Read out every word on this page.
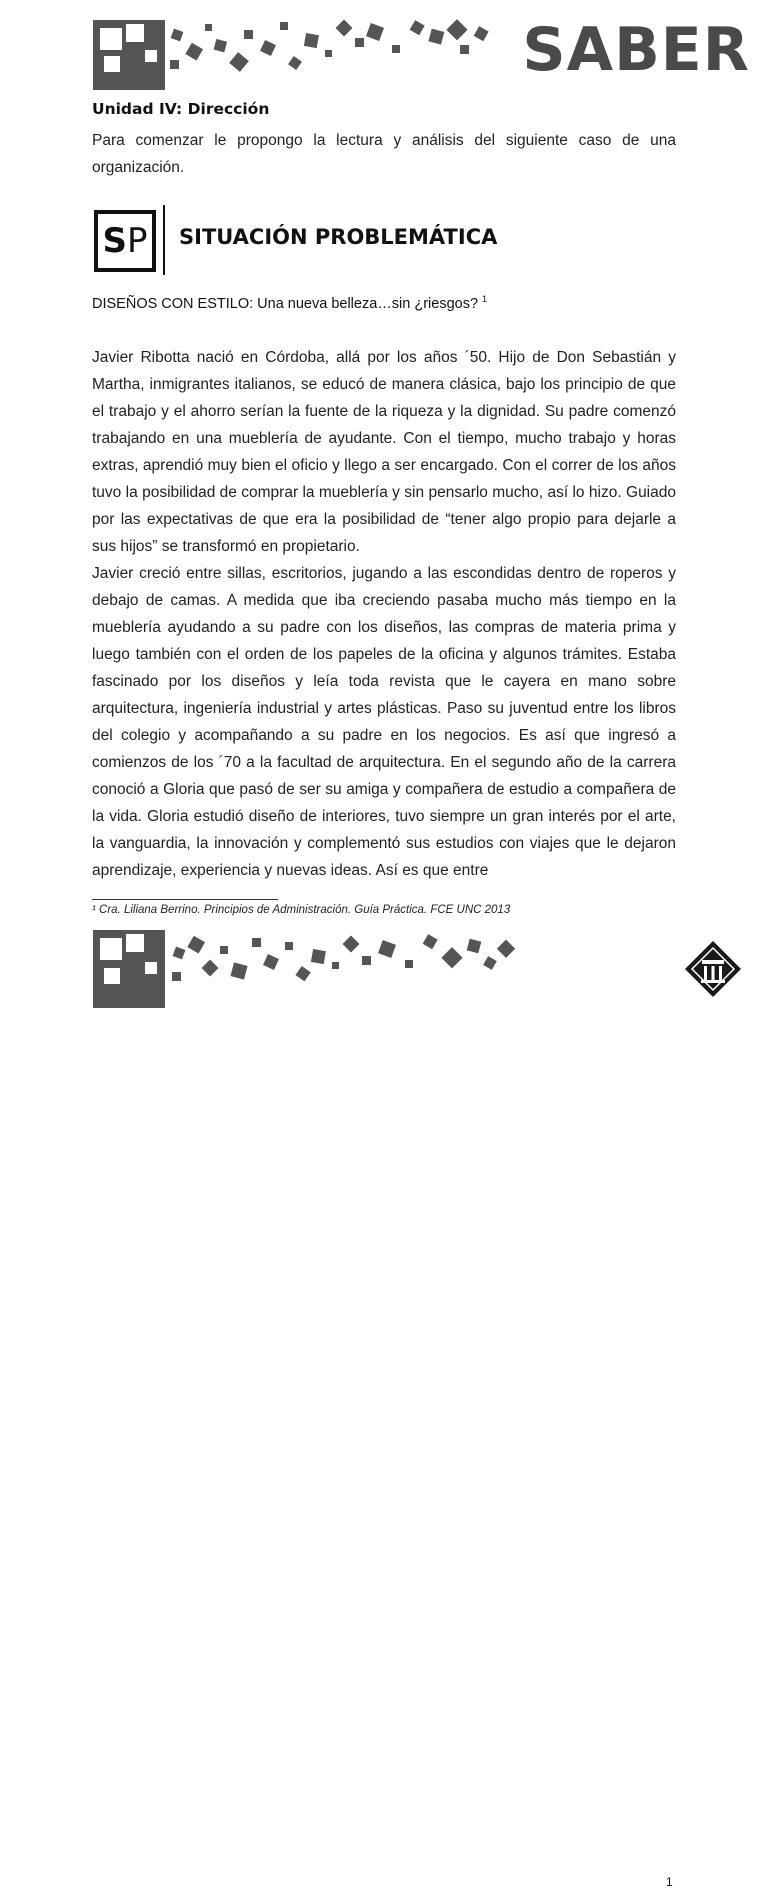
SABER
Unidad IV: Dirección
Para comenzar le propongo la lectura y análisis del siguiente caso de una organización.
SP	SITUACIÓN PROBLEMÁTICA
DISEÑOS CON ESTILO: Una nueva belleza…sin ¿riesgos? $^1$

Javier Ribotta nació en Córdoba, allá por los años ´50. Hijo de Don Sebastián y Martha, inmigrantes italianos, se educó de manera clásica, bajo los principio de que el trabajo y el ahorro serían la fuente de la riqueza y la dignidad. Su padre comenzó trabajando en una mueblería de ayudante. Con el tiempo, mucho trabajo y horas extras, aprendió muy bien el oficio y llego a ser encargado. Con el correr de los años tuvo la posibilidad de comprar la mueblería y sin pensarlo mucho, así lo hizo. Guiado por las expectativas de que era la posibilidad de “tener algo propio para dejarle a sus hijos” se transformó en propietario.

Javier creció entre sillas, escritorios, jugando a las escondidas dentro de roperos y debajo de camas. A medida que iba creciendo pasaba mucho más tiempo en la mueblería ayudando a su padre con los diseños, las compras de materia prima y luego también con el orden de los papeles de la oficina y algunos trámites. Estaba fascinado por los diseños y leía toda revista que le cayera en mano sobre arquitectura, ingeniería industrial y artes plásticas. Paso su juventud entre los libros del colegio y acompañando a su padre en los negocios. Es así que ingresó a comienzos de los ´70 a la facultad de arquitectura. En el segundo año de la carrera conoció a Gloria que pasó de ser su amiga y compañera de estudio a compañera de la vida. Gloria estudió diseño de interiores, tuvo siempre un gran interés por el arte, la vanguardia, la innovación y complementó sus estudios con viajes que le dejaron aprendizaje, experiencia y nuevas ideas. Así es que entre

¹ Cra. Liliana Berrino. Principios de Administración. Guía Práctica. FCE UNC 2013
1
